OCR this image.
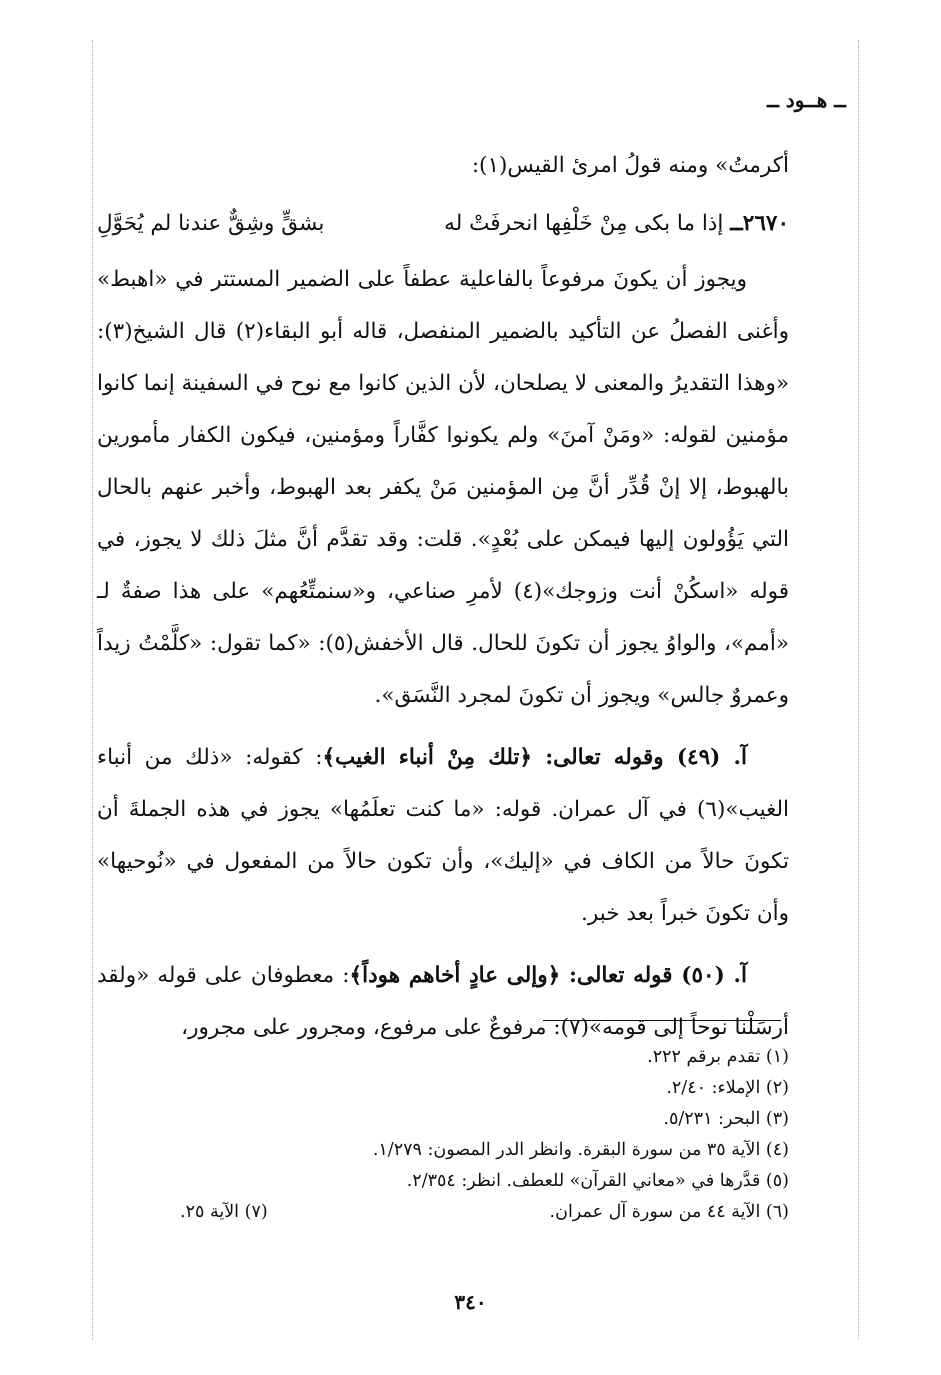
ــ هــود ــ

أكرمتُ» ومنه قولُ امرئ القيس(١):

٢٦٧٠ــ إذا ما بكى مِنْ خَلْفِها انحرفَتْ له
بشقٍّ وشِقٌّ عندنا لم يُحَوَّلِ

ويجوز أن يكونَ مرفوعاً بالفاعلية عطفاً على الضمير المستتر في «اهبط» وأغنى الفصلُ عن التأكيد بالضمير المنفصل، قاله أبو البقاء(٢) قال الشيخ(٣): «وهذا التقديرُ والمعنى لا يصلحان، لأن الذين كانوا مع نوح في السفينة إنما كانوا مؤمنين لقوله: «ومَنْ آمنَ» ولم يكونوا كفَّاراً ومؤمنين، فيكون الكفار مأمورين بالهبوط، إلا إنْ قُدِّر أنَّ مِن المؤمنين مَنْ يكفر بعد الهبوط، وأخبر عنهم بالحال التي يَؤُولون إليها فيمكن على بُعْدٍ». قلت: وقد تقدَّم أنَّ مثلَ ذلك لا يجوز، في قوله «اسكُنْ أنت وزوجك»(٤) لأمرِ صناعي، و«سنمتِّعُهم» على هذا صفةٌ لـ «أمم»، والواوُ يجوز أن تكونَ للحال. قال الأخفش(٥): «كما تقول: «كلَّمْتُ زيداً وعمروٌ جالس» ويجوز أن تكونَ لمجرد النَّسَق».

آ. (٤٩) وقوله تعالى: ﴿تلك مِنْ أنباء الغيب﴾: كقوله: «ذلك من أنباء الغيب»(٦) في آل عمران. قوله: «ما كنت تعلَمُها» يجوز في هذه الجملةَ أن تكونَ حالاً من الكاف في «إليك»، وأن تكون حالاً من المفعول في «نُوحيها» وأن تكونَ خبراً بعد خبر.

آ. (٥٠) قوله تعالى: ﴿وإلى عادٍ أخاهم هوداً﴾: معطوفان على قوله «ولقد أرسَلْنا نوحاً إلى قومه»(٧): مرفوعٌ على مرفوع، ومجرور على مجرور،

(١) تقدم برقم ٢٢٢.
(٢) الإملاء: ٢/٤٠.
(٣) البحر: ٥/٢٣١.
(٤) الآية ٣٥ من سورة البقرة. وانظر الدر المصون: ١/٢٧٩.
(٥) قدَّرها في «معاني القرآن» للعطف. انظر: ٢/٣٥٤.
(٦) الآية ٤٤ من سورة آل عمران.
(٧) الآية ٢٥.
٣٤٠
